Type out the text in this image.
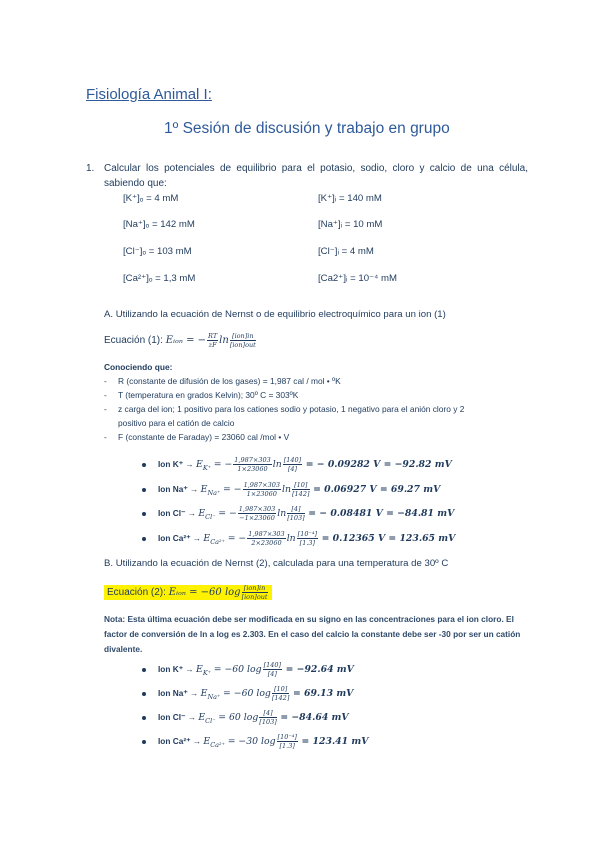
Fisiología Animal I:
1º Sesión de discusión y trabajo en grupo
1. Calcular los potenciales de equilibrio para el potasio, sodio, cloro y calcio de una célula, sabiendo que:
[K⁺]ₒ = 4 mM
[Na⁺]ₒ = 142 mM
[Cl⁻]ₒ = 103 mM
[Ca²⁺]ₒ = 1,3 mM
[K⁺]ᵢ = 140 mM
[Na⁺]ᵢ = 10 mM
[Cl⁻]ᵢ = 4 mM
[Ca2⁺]ᵢ = 10⁻⁴ mM
A. Utilizando la ecuación de Nernst o de equilibrio electroquímico para un ion (1)
Ecuación (1): Eᵢₒₙ = − $\frac{RT}{zF}$ $\ln \frac{\text{[ion]in}}{\text{[ion]out}}$
Conociendo que:
- R (constante de difusión de los gases) = 1,987 cal / mol • ºK
- T (temperatura en grados Kelvin); 30º C = 303ºK
- z carga del ion; 1 positivo para los cationes sodio y potasio, 1 negativo para el anión cloro y 2
positivo para el catión de calcio
- F (constante de Faraday) = 23060 cal /mol • V
Ion $K^+ \to E_{K^+}$ = − $\frac{1,987\times 303}{1\times 23060}$ $\ln \frac{[140]}{[4]}$ = − 0.09282 V = −92.82 mV
Ion $Na^+ \to E_{Na^+}$ = − $\frac{1,987\times 303}{1\times 23060}$ $\ln \frac{[10]}{[142]} = 0.06927$ V = 69.27 mV
Ion $Cl^- \to E_{Cl^-}$ = − $\frac{1,987\times 303}{-1\times 23060}$ $\ln \frac{[4]}{[103]}$ = − 0.08481 V = −84.81 mV
Ion $Ca^{2+} \to E_{Ca^{2+}}$ = − $\frac{1,987\times 303}{2\times 23060}$ $\ln \frac{\text{[10⁻⁴]}}{[1.3]} = 0.12365$ V = 123.65 mV
B. Utilizando la ecuación de Nernst (2), calculada para una temperatura de 30º C
Ecuación (2): Eᵢₒₙ = −60 $\log \frac{\text{[ion]in}}{\text{[ion]out}}$
Nota: Esta última ecuación debe ser modificada en su signo en las concentraciones para el ion cloro. El factor de conversión de ln a log es 2.303. En el caso del calcio la constante debe ser -30 por ser un catión divalente.
Ion $K^+ \to E_{K^+} = -60$ $\log \frac{[140]}{[4]} = -92.64$ mV
Ion $Na^+ \to E_{Na^+} = -60$ $\log \frac{[10]}{[142]} = 69.13$ mV
Ion $Cl^- \to E_{Cl^-} = 60$ $\log \frac{[4]}{[103]} = -84.64$ mV
Ion $Ca^{2+} \to E_{Ca^{2+}} = -30$ $\log \frac{\text{[10⁻⁴]}}{[1.3]} = 123.41$ mV
